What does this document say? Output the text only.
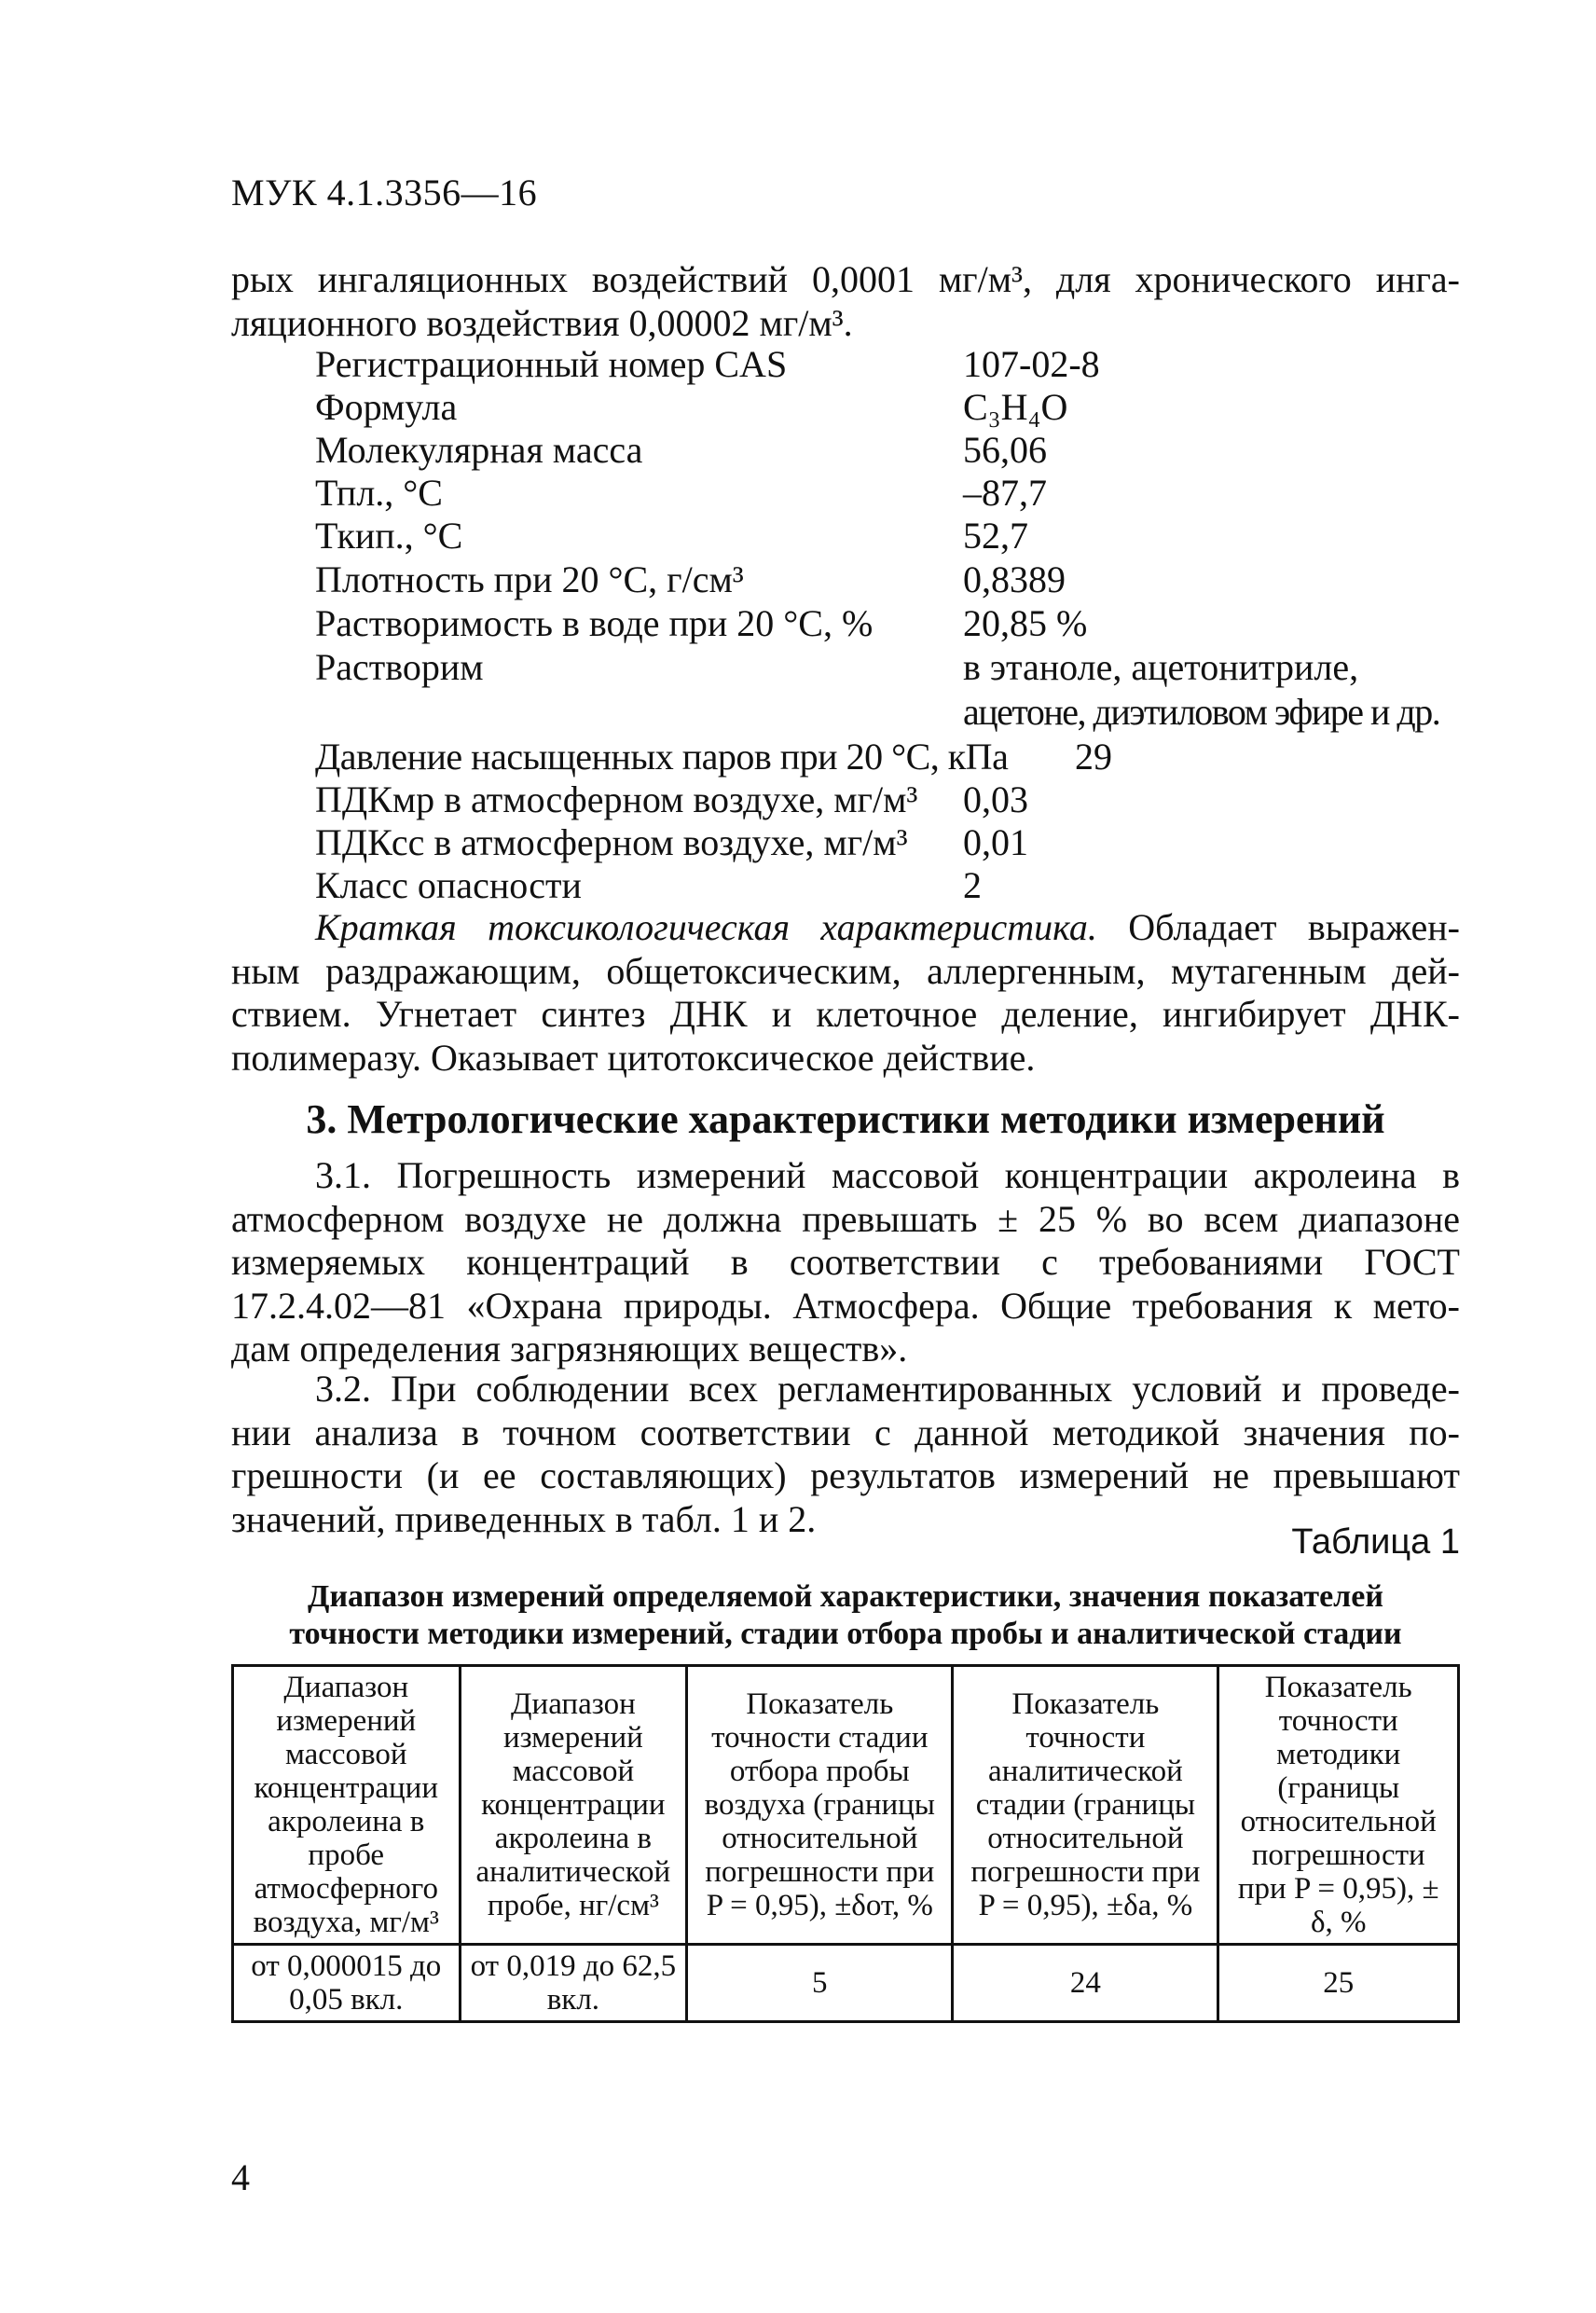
МУК 4.1.3356—16
рых ингаляционных воздействий 0,0001 мг/м³, для хронического инга-
ляционного воздействия 0,00002 мг/м³.
Регистрационный номер CAS	107-02-8
Формула	C₃H₄O
Молекулярная масса	56,06
Тпл., °С	–87,7
Ткип., °С	52,7
Плотность при 20 °С, г/см³	0,8389
Растворимость в воде при 20 °С, % 20,85 %
Растворим	в этаноле, ацетонитриле,
ацетоне, диэтиловом эфире и др.
Давление насыщенных паров при 20 °С, кПа 29
ПДКмр в атмосферном воздухе, мг/м³ 0,03
ПДКсс в атмосферном воздухе, мг/м³ 0,01
Класс опасности	2
Краткая токсикологическая характеристика. Обладает выражен-
ным раздражающим, общетоксическим, аллергенным, мутагенным дей-
ствием. Угнетает синтез ДНК и клеточное деление, ингибирует ДНК-
полимеразу. Оказывает цитотоксическое действие.
3. Метрологические характеристики методики измерений
3.1. Погрешность измерений массовой концентрации акролеина в
атмосферном воздухе не должна превышать ± 25 % во всем диапазоне
измеряемых концентраций в соответствии с требованиями ГОСТ
17.2.4.02—81 «Охрана природы. Атмосфера. Общие требования к мето-
дам определения загрязняющих веществ».
3.2. При соблюдении всех регламентированных условий и проведе-
нии анализа в точном соответствии с данной методикой значения по-
грешности (и ее составляющих) результатов измерений не превышают
значений, приведенных в табл. 1 и 2.
Таблица 1
Диапазон измерений определяемой характеристики, значения показателей
точности методики измерений, стадии отбора пробы и аналитической стадии
Диапазон измерений массовой концентрации акролеина в пробе атмосферного воздуха, мг/м³	Диапазон измерений массовой концентрации акролеина в аналитической пробе, нг/см³	Показатель точности стадии отбора пробы воздуха (границы относительной погрешности при P = 0,95), ±δот, %	Показатель точности аналитической стадии (границы относительной погрешности при P = 0,95), ±δа, %	Показатель точности методики (границы относительной погрешности при P = 0,95), ± δ, %
от 0,000015 до 0,05 вкл.	от 0,019 до 62,5 вкл.	5	24	25
4
